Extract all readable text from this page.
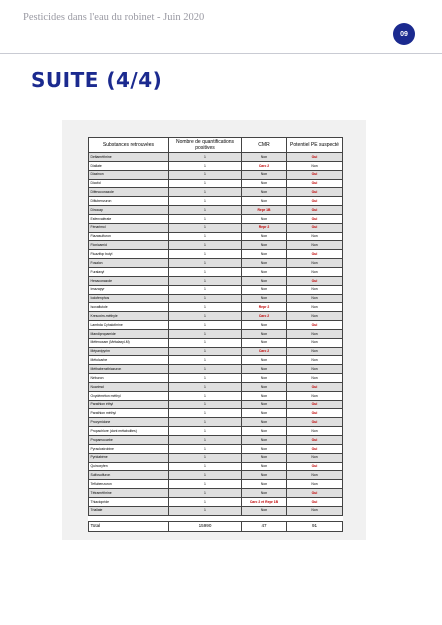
Pesticides dans l'eau du robinet - Juin 2020
09
SUITE (4/4)
Substances retrouvées	Nombre de quantifications positives	CMR	Potentiel PE suspecté
Deltaméthrine	1	Non	Oui
Diallate	1	Carc 2	Non
Diazinon	1	Non	Oui
Dicofol	1	Non	Oui
Difénoconazole	1	Non	Oui
Diflubenzuron	1	Non	Oui
Dinocap	1	Repr 1B	Oui
Esfenvalérate	1	Non	Oui
Fénarimol	1	Repr 2	Oui
Flazasulfuron	1	Non	Non
Flonicamid	1	Non	Non
Fluazifop butyl	1	Non	Oui
Fosalon	1	Non	Non
Furalaxyl	1	Non	Non
Hexaconazole	1	Non	Oui
Imazapyr	1	Non	Non
Iodofenphos	1	Non	Non
Isoxaflutole	1	Repr 2	Non
Kresoxim-méthyle	1	Carc 2	Non
Lambda Cyhalothrine	1	Non	Oui
Mandipropamide	1	Non	Non
Méfenoxam (Métalaxyl-M)	1	Non	Non
Mépanipyrim	1	Carc 2	Non
Métolcarbe	1	Non	Non
Méthabenzthiazuron	1	Non	Non
Néburon	1	Non	Non
Nuarimol	1	Non	Oui
Oxydéméton méthyl	1	Non	Non
Parathion éthyl	1	Non	Oui
Parathion méthyl	1	Non	Oui
Procymidone	1	Non	Oui
Propachlore (dont métabolites)	1	Non	Non
Propamocarbe	1	Non	Oui
Pyraclostrobine	1	Non	Oui
Pyridabène	1	Non	Non
Quinoxyfen	1	Non	Oui
Sulfosulfuron	1	Non	Non
Teflubenzuron	1	Non	Non
Tétraméthrine	1	Non	Oui
Thiaclopride	1	Carc 2 et Repr 1B	Oui
Triallate	1	Non	Non

Total	15990	47	91
